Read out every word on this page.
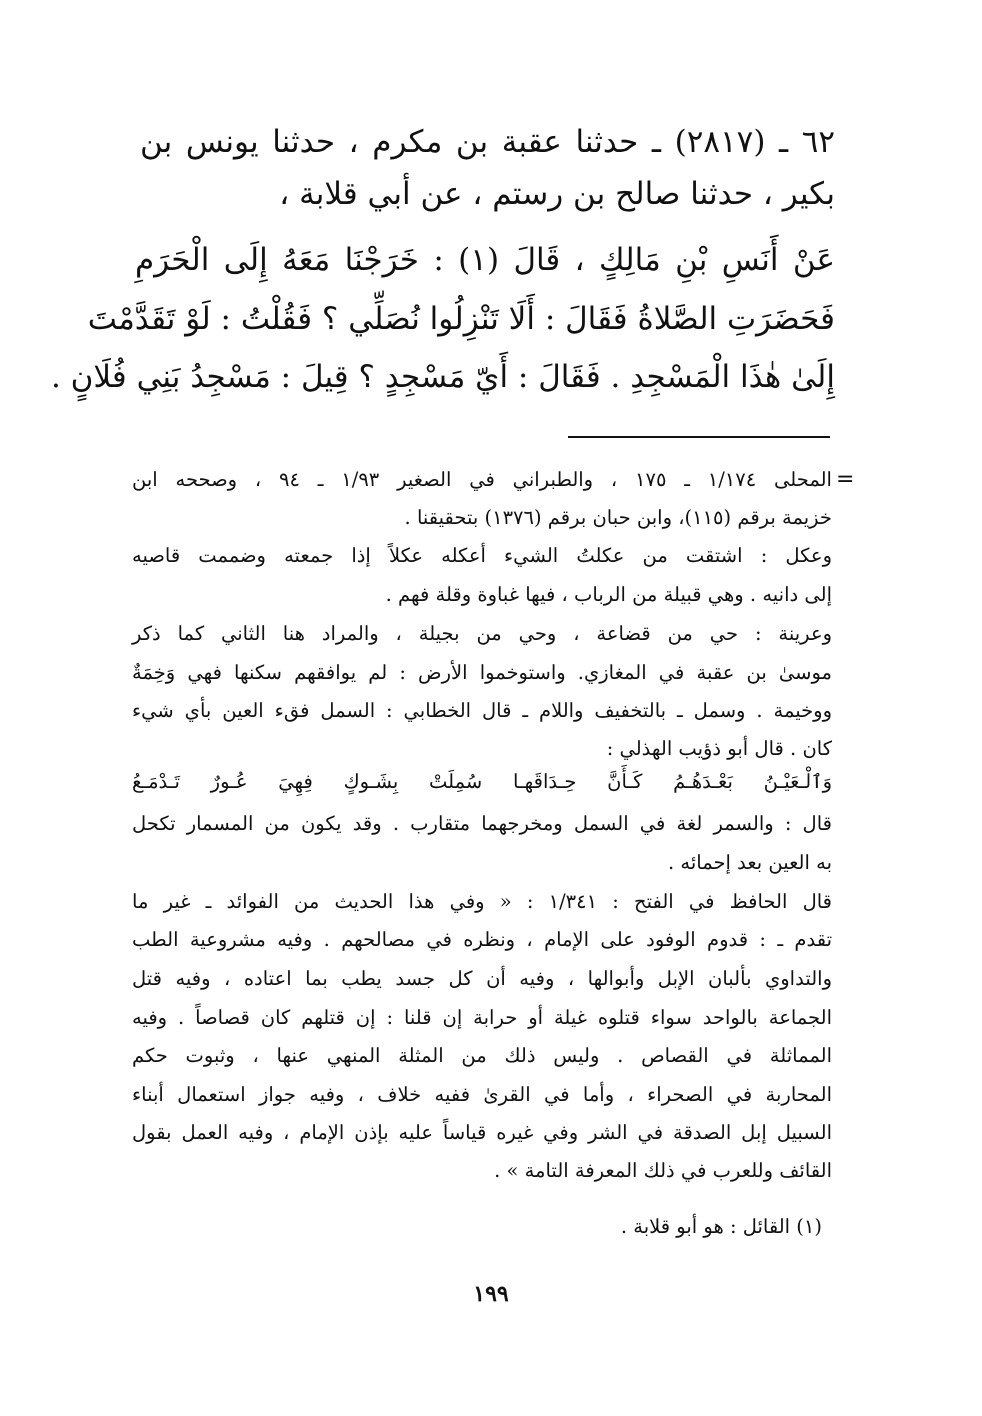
٦٢ ـ (٢٨١٧) ـ حدثنا عقبة بن مكرم ، حدثنا يونس بن
بكير ، حدثنا صالح بن رستم ، عن أبي قلابة ،
عَنْ أَنَسِ بْنِ مَالِكٍ ، قَالَ (١) : خَرَجْنَا مَعَهُ إِلَى الْحَرَمِ
فَحَضَرَتِ الصَّلاةُ فَقَالَ : أَلَا تَنْزِلُوا نُصَلِّي ؟ فَقُلْتُ : لَوْ تَقَدَّمْتَ
إِلَىٰ هٰذَا الْمَسْجِدِ . فَقَالَ : أَيّ مَسْجِدٍ ؟ قِيلَ : مَسْجِدُ بَنِي فُلَانٍ .
=
المحلى ١/١٧٤ ـ ١٧٥ ، والطبراني في الصغير ١/٩٣ ـ ٩٤ ، وصححه ابن
خزيمة برقم (١١٥)، وابن حبان برقم (١٣٧٦) بتحقيقنا .
وعكل : اشتقت من عكلتُ الشيء أعكله عكلاً إذا جمعته وضممت قاصيه
إلى دانيه . وهي قبيلة من الرباب ، فيها غباوة وقلة فهم .
وعرينة : حي من قضاعة ، وحي من بجيلة ، والمراد هنا الثاني كما ذكر
موسىٰ بن عقبة في المغازي. واستوخموا الأرض : لم يوافقهم سكنها فهي وَخِمَةٌ
ووخيمة . وسمل ـ بالتخفيف واللام ـ قال الخطابي : السمل فقء العين بأي شيء
كان . قال أبو ذؤيب الهذلي :
وَٱلْـعَيْـنُ بَعْـدَهُـمُ كَـأَنَّ حِـدَاقَهـا سُمِلَتْ بِشَـوكٍ فِهِيَ عُـورٌ تَـدْمَـعُ
قال : والسمر لغة في السمل ومخرجهما متقارب . وقد يكون من المسمار تكحل
به العين بعد إحمائه .
قال الحافظ في الفتح : ١/٣٤١ : « وفي هذا الحديث من الفوائد ـ غير ما
تقدم ـ : قدوم الوفود على الإمام ، ونظره في مصالحهم . وفيه مشروعية الطب
والتداوي بألبان الإبل وأبوالها ، وفيه أن كل جسد يطب بما اعتاده ، وفيه قتل
الجماعة بالواحد سواء قتلوه غيلة أو حرابة إن قلنا : إن قتلهم كان قصاصاً . وفيه
المماثلة في القصاص . وليس ذلك من المثلة المنهي عنها ، وثبوت حكم
المحاربة في الصحراء ، وأما في القرىٰ ففيه خلاف ، وفيه جواز استعمال أبناء
السبيل إبل الصدقة في الشر وفي غيره قياساً عليه بإذن الإمام ، وفيه العمل بقول
القائف وللعرب في ذلك المعرفة التامة » .
(١) القائل : هو أبو قلابة .
١٩٩
